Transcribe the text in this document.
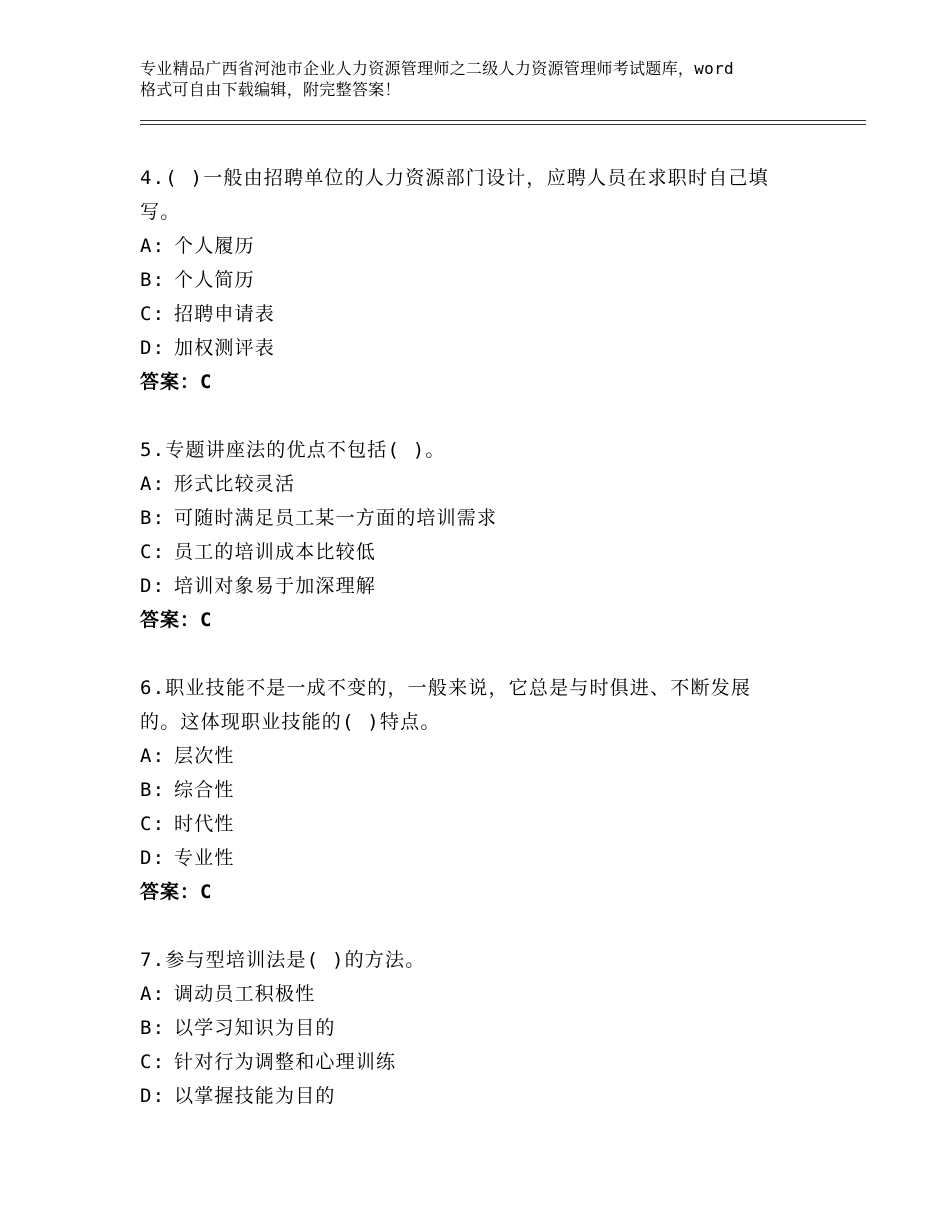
专业精品广西省河池市企业人力资源管理师之二级人力资源管理师考试题库，word
格式可自由下载编辑，附完整答案！
4.( )一般由招聘单位的人力资源部门设计，应聘人员在求职时自己填
写。
A: 个人履历
B: 个人简历
C: 招聘申请表
D: 加权测评表
答案：C
5.专题讲座法的优点不包括( )。
A: 形式比较灵活
B: 可随时满足员工某一方面的培训需求
C: 员工的培训成本比较低
D: 培训对象易于加深理解
答案：C
6.职业技能不是一成不变的，一般来说，它总是与时俱进、不断发展
的。这体现职业技能的( )特点。
A: 层次性
B: 综合性
C: 时代性
D: 专业性
答案：C
7.参与型培训法是( )的方法。
A: 调动员工积极性
B: 以学习知识为目的
C: 针对行为调整和心理训练
D: 以掌握技能为目的
